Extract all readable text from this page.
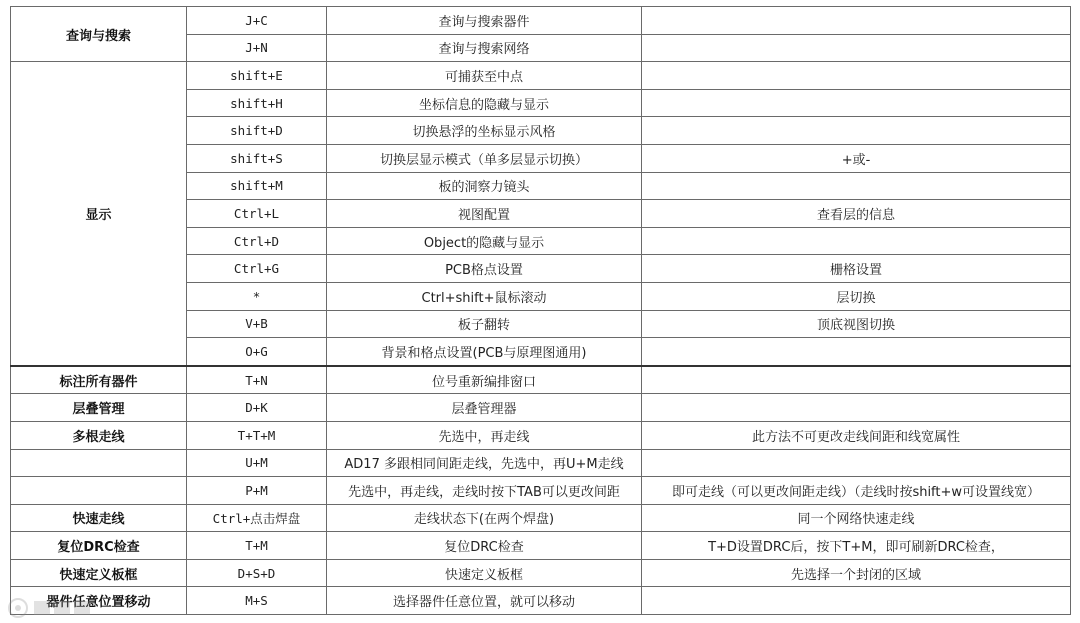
查询与搜索	J+C	查询与搜索器件	
	J+N	查询与搜索网络	
显示	shift+E	可捕获至中点	
	shift+H	坐标信息的隐藏与显示	
	shift+D	切换悬浮的坐标显示风格	
	shift+S	切换层显示模式（单多层显示切换）	+或-
	shift+M	板的洞察力镜头	
	Ctrl+L	视图配置	查看层的信息
	Ctrl+D	Object的隐藏与显示	
	Ctrl+G	PCB格点设置	栅格设置
	*	Ctrl+shift+鼠标滚动	层切换
	V+B	板子翻转	顶底视图切换
	O+G	背景和格点设置(PCB与原理图通用)	
标注所有器件	T+N	位号重新编排窗口	
层叠管理	D+K	层叠管理器	
多根走线	T+T+M	先选中，再走线	此方法不可更改走线间距和线宽属性
	U+M	AD17 多跟相同间距走线，先选中，再U+M走线	
	P+M	先选中，再走线，走线时按下TAB可以更改间距	即可走线（可以更改间距走线）（走线时按shift+w可设置线宽）
快速走线	Ctrl+点击焊盘	走线状态下(在两个焊盘)	同一个网络快速走线
复位DRC检查	T+M	复位DRC检查	T+D设置DRC后，按下T+M，即可刷新DRC检查，
快速定义板框	D+S+D	快速定义板框	先选择一个封闭的区域
器件任意位置移动	M+S	选择器件任意位置，就可以移动	
